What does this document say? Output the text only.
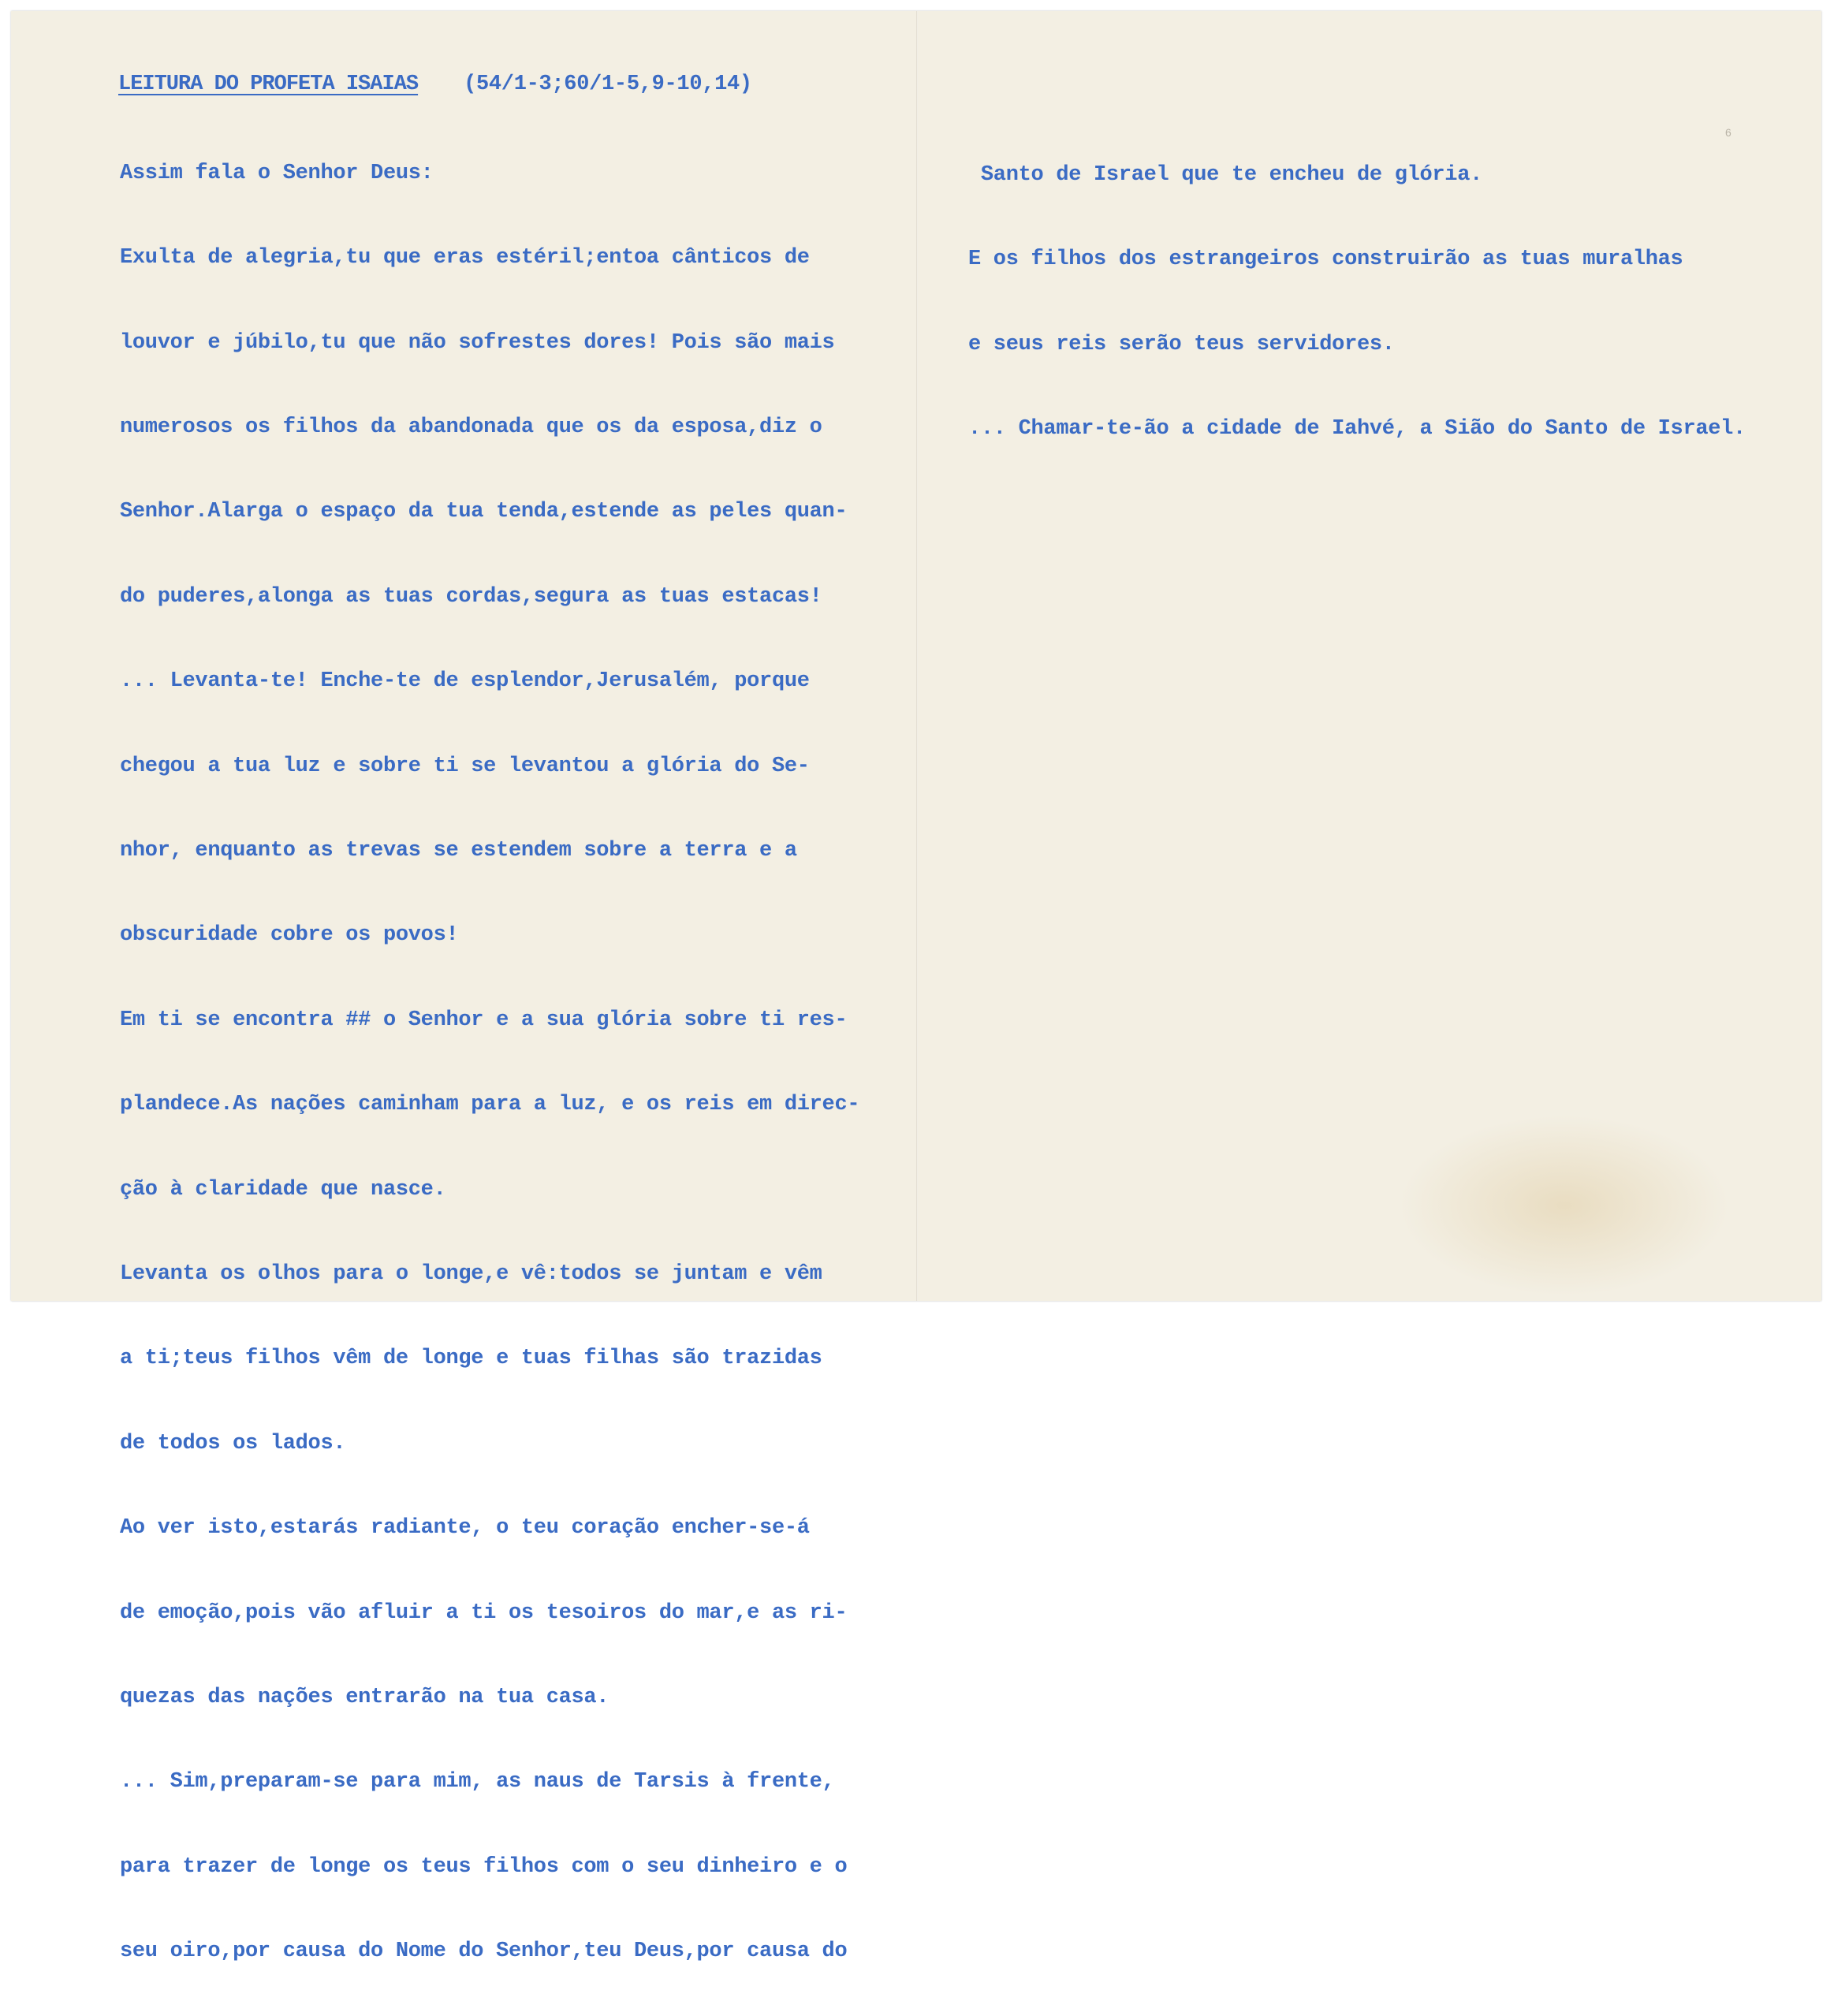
LEITURA DO PROFETA ISAIAS (54/1-3;60/1-5,9-10,14)

Assim fala o Senhor Deus:

Exulta de alegria,tu que eras estéril;entoa cânticos de

louvor e júbilo,tu que não sofrestes dores! Pois são mais

numerosos os filhos da abandonada que os da esposa,diz o

Senhor.Alarga o espaço da tua tenda,estende as peles quan-

do puderes,alonga as tuas cordas,segura as tuas estacas!

... Levanta-te! Enche-te de esplendor,Jerusalém, porque

chegou a tua luz e sobre ti se levantou a glória do Se-

nhor, enquanto as trevas se estendem sobre a terra e a

obscuridade cobre os povos!

Em ti se encontra ## o Senhor e a sua glória sobre ti res-

plandece.As nações caminham para a luz, e os reis em direc-

ção à claridade que nasce.

Levanta os olhos para o longe,e vê:todos se juntam e vêm

a ti;teus filhos vêm de longe e tuas filhas são trazidas

de todos os lados.

Ao ver isto,estarás radiante, o teu coração encher-se-á

de emoção,pois vão afluir a ti os tesoiros do mar,e as ri-

quezas das nações entrarão na tua casa.

... Sim,preparam-se para mim, as naus de Tarsis à frente,

para trazer de longe os teus filhos com o seu dinheiro e o

seu oiro,por causa do Nome do Senhor,teu Deus,por causa do

Santo de Israel que te encheu de glória.

E os filhos dos estrangeiros construirão as tuas muralhas

e seus reis serão teus servidores.

... Chamar-te-ão a cidade de Iahvé, a Sião do Santo de Israel.

6
